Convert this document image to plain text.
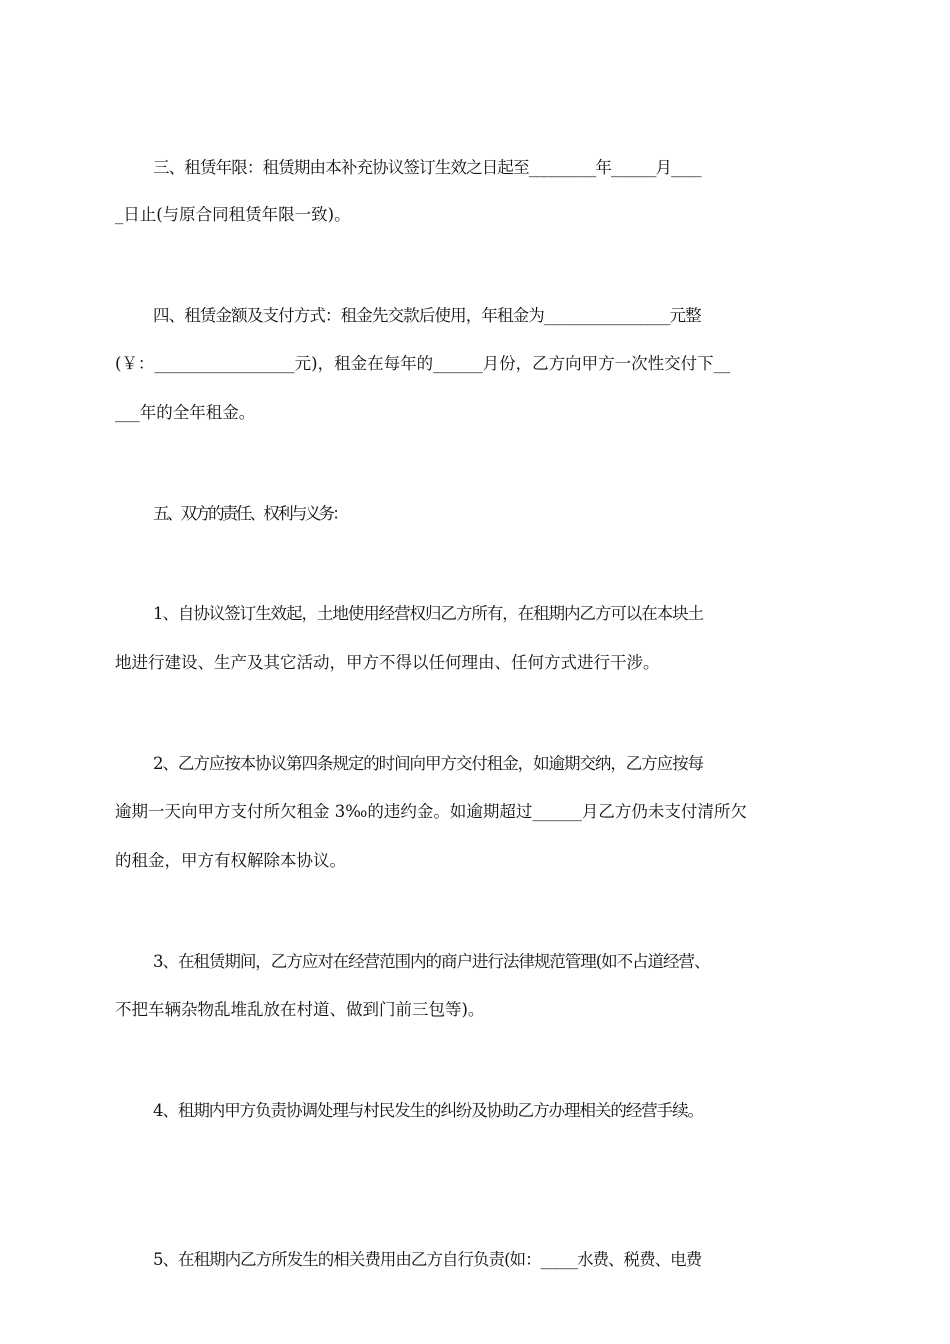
三、租赁年限：租赁期由本补充协议签订生效之日起至_________年______月____
_日止(与原合同租赁年限一致)。
四、租赁金额及支付方式：租金先交款后使用，年租金为_________________元整
(￥：_________________元)，租金在每年的______月份，乙方向甲方一次性交付下__
___年的全年租金。
五、双方的责任、权利与义务：
1、自协议签订生效起，土地使用经营权归乙方所有，在租期内乙方可以在本块土
地进行建设、生产及其它活动，甲方不得以任何理由、任何方式进行干涉。
2、乙方应按本协议第四条规定的时间向甲方交付租金，如逾期交纳，乙方应按每
逾期一天向甲方支付所欠租金 3‰的违约金。如逾期超过______月乙方仍未支付清所欠
的租金，甲方有权解除本协议。
3、在租赁期间，乙方应对在经营范围内的商户进行法律规范管理(如不占道经营、
不把车辆杂物乱堆乱放在村道、做到门前三包等)。
4、租期内甲方负责协调处理与村民发生的纠纷及协助乙方办理相关的经营手续。
5、在租期内乙方所发生的相关费用由乙方自行负责(如：_____水费、税费、电费
